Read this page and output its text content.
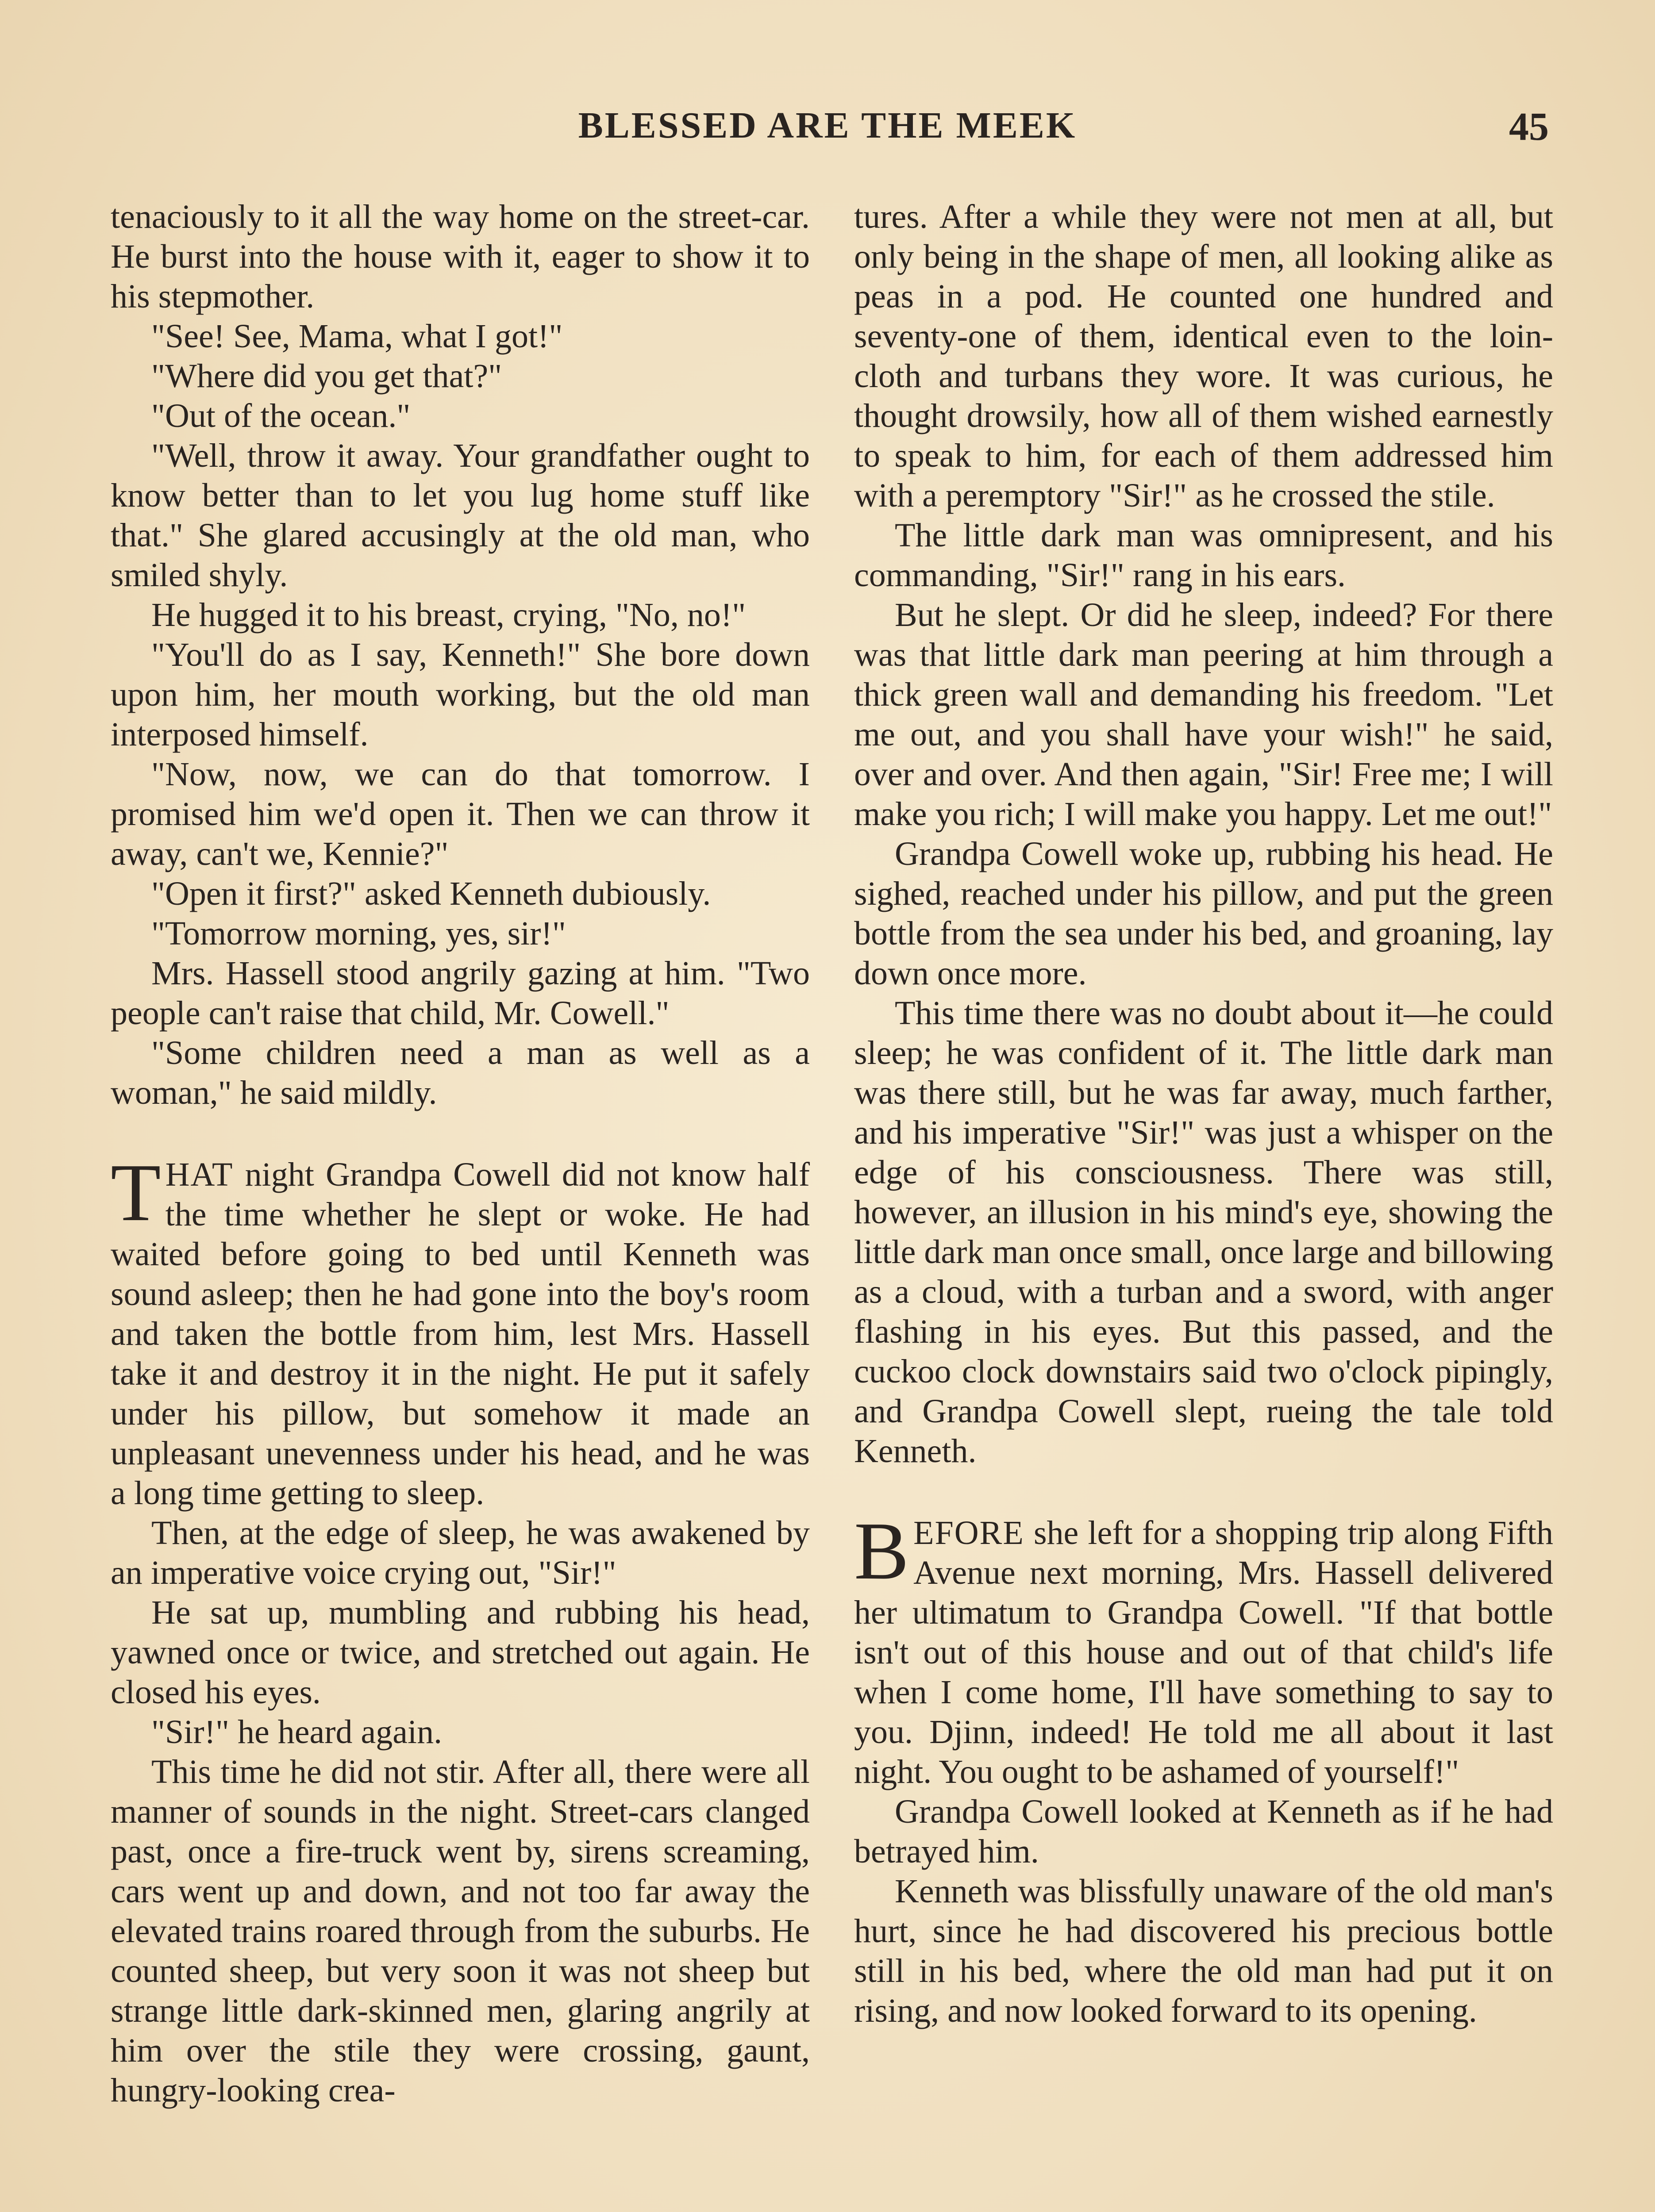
BLESSED ARE THE MEEK	45

tenaciously to it all the way home on the street-car. He burst into the house with it, eager to show it to his stepmother.

"See! See, Mama, what I got!"

"Where did you get that?"

"Out of the ocean."

"Well, throw it away. Your grandfather ought to know better than to let you lug home stuff like that." She glared accusingly at the old man, who smiled shyly.

He hugged it to his breast, crying, "No, no!"

"You'll do as I say, Kenneth!" She bore down upon him, her mouth working, but the old man interposed himself.

"Now, now, we can do that tomorrow. I promised him we'd open it. Then we can throw it away, can't we, Kennie?"

"Open it first?" asked Kenneth dubiously.

"Tomorrow morning, yes, sir!"

Mrs. Hassell stood angrily gazing at him. "Two people can't raise that child, Mr. Cowell."

"Some children need a man as well as a woman," he said mildly.

THAT night Grandpa Cowell did not know half the time whether he slept or woke. He had waited before going to bed until Kenneth was sound asleep; then he had gone into the boy's room and taken the bottle from him, lest Mrs. Hassell take it and destroy it in the night. He put it safely under his pillow, but somehow it made an unpleasant unevenness under his head, and he was a long time getting to sleep.

Then, at the edge of sleep, he was awakened by an imperative voice crying out, "Sir!"

He sat up, mumbling and rubbing his head, yawned once or twice, and stretched out again. He closed his eyes.

"Sir!" he heard again.

This time he did not stir. After all, there were all manner of sounds in the night. Street-cars clanged past, once a fire-truck went by, sirens screaming, cars went up and down, and not too far away the elevated trains roared through from the suburbs. He counted sheep, but very soon it was not sheep but strange little dark-skinned men, glaring angrily at him over the stile they were crossing, gaunt, hungry-looking crea-

tures. After a while they were not men at all, but only being in the shape of men, all looking alike as peas in a pod. He counted one hundred and seventy-one of them, identical even to the loin-cloth and turbans they wore. It was curious, he thought drowsily, how all of them wished earnestly to speak to him, for each of them addressed him with a peremptory "Sir!" as he crossed the stile.

The little dark man was omnipresent, and his commanding, "Sir!" rang in his ears.

But he slept. Or did he sleep, indeed? For there was that little dark man peering at him through a thick green wall and demanding his freedom. "Let me out, and you shall have your wish!" he said, over and over. And then again, "Sir! Free me; I will make you rich; I will make you happy. Let me out!"

Grandpa Cowell woke up, rubbing his head. He sighed, reached under his pillow, and put the green bottle from the sea under his bed, and groaning, lay down once more.

This time there was no doubt about it—he could sleep; he was confident of it. The little dark man was there still, but he was far away, much farther, and his imperative "Sir!" was just a whisper on the edge of his consciousness. There was still, however, an illusion in his mind's eye, showing the little dark man once small, once large and billowing as a cloud, with a turban and a sword, with anger flashing in his eyes. But this passed, and the cuckoo clock downstairs said two o'clock pipingly, and Grandpa Cowell slept, rueing the tale told Kenneth.

BEFORE she left for a shopping trip along Fifth Avenue next morning, Mrs. Hassell delivered her ultimatum to Grandpa Cowell. "If that bottle isn't out of this house and out of that child's life when I come home, I'll have something to say to you. Djinn, indeed! He told me all about it last night. You ought to be ashamed of yourself!"

Grandpa Cowell looked at Kenneth as if he had betrayed him.

Kenneth was blissfully unaware of the old man's hurt, since he had discovered his precious bottle still in his bed, where the old man had put it on rising, and now looked forward to its opening.
